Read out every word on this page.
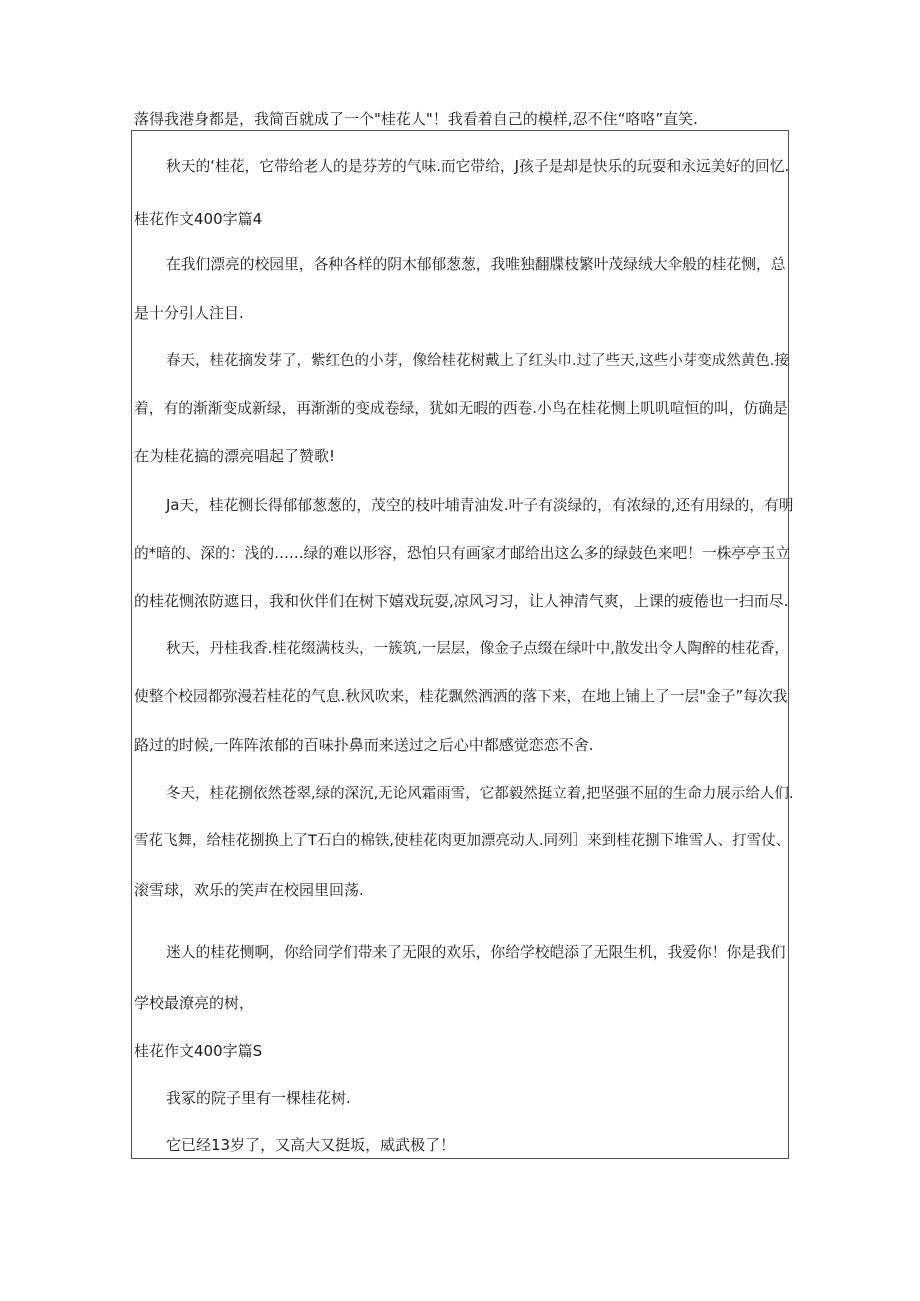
落得我港身都是，我简百就成了一个"桂花人"！我看着自己的模样,忍不住“咯咯”直笑.
秋天的‘桂花，它带给老人的是芬芳的气味.而它带给，J孩子是却是快乐的玩耍和永远美好的回忆.
桂花作文400字篇4
在我们漂亮的校园里，各种各样的阴木郁郁葱葱，我唯独翻牒枝繁叶茂绿绒大伞般的桂花恻，总
是十分引人注目.
春天，桂花摘发芽了，紫红色的小芽，像给桂花树戴上了红头巾.过了些天,这些小芽变成然黄色.接
着，有的渐渐变成新绿，再渐渐的变成卷绿，犹如无暇的西卷.小鸟在桂花恻上叽叽喧恒的叫，仿确是
在为桂花搞的漂亮唱起了赞歌!
Ja天，桂花恻长得郁郁葱葱的，茂空的枝叶埔青油发.叶子有淡绿的，有浓绿的,还有用绿的，有明
的*暗的、深的：浅的……绿的难以形容，恐怕只有画家才邮给出这么多的绿鼓色来吧！一株亭亭玉立
的桂花恻浓防遮日，我和伙伴们在树下嬉戏玩耍,凉风习习，让人神清气爽，上课的疲倦也一扫而尽.
秋天，丹桂我香.桂花缀满枝头，一簇筑,一层层，像金子点缀在绿叶中,散发出令人陶醉的桂花香，
使整个校园都弥漫若桂花的气息.秋风吹来，桂花飘然洒洒的落下来，在地上铺上了一层"金子”每次我
路过的时候,一阵阵浓郁的百味扑鼻而来送过之后心中都感觉恋恋不舍.
冬天，桂花捌依然苍翠,绿的深沉,无论风霜雨雪，它都毅然挺立着,把坚强不屈的生命力展示给人们.
雪花飞舞，给桂花捌换上了T石白的棉铁,使桂花肉更加漂亮动人.同列］来到桂花捌下堆雪人、打雪仗、
滚雪球，欢乐的笑声在校园里回荡.
迷人的桂花恻啊，你给同学们带来了无限的欢乐，你给学校皑添了无限生机，我爱你！你是我们
学校最潦亮的树，
桂花作文400字篇S
我冢的院子里有一棵桂花树.
它已经13岁了，又高大又挺坂，威武极了！
